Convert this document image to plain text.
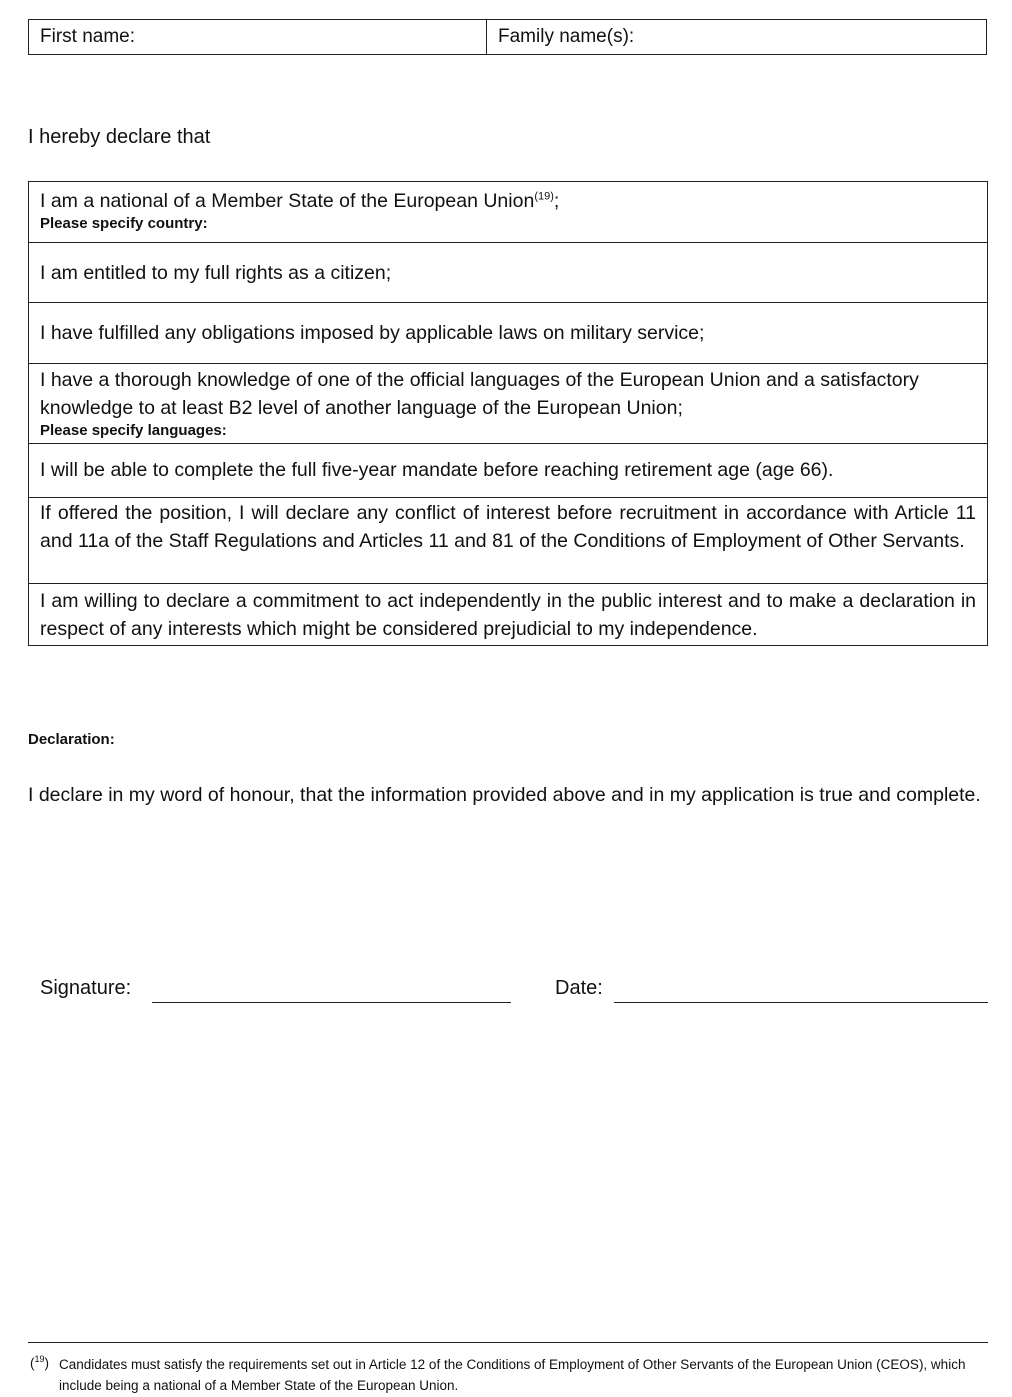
First name:	Family name(s):
I hereby declare that
I am a national of a Member State of the European Union$^{(19)}$;
Please specify country:
I am entitled to my full rights as a citizen;
I have fulfilled any obligations imposed by applicable laws on military service;
I have a thorough knowledge of one of the official languages of the European Union and a satisfactory knowledge to at least B2 level of another language of the European Union;
Please specify languages:
I will be able to complete the full five-year mandate before reaching retirement age (age 66).
If offered the position, I will declare any conflict of interest before recruitment in accordance with Article 11 and 11a of the Staff Regulations and Articles 11 and 81 of the Conditions of Employment of Other Servants.
I am willing to declare a commitment to act independently in the public interest and to make a declaration in respect of any interests which might be considered prejudicial to my independence.
Declaration:
I declare in my word of honour, that the information provided above and in my application is true and complete.
Signature:	Date:
($^{19}$) Candidates must satisfy the requirements set out in Article 12 of the Conditions of Employment of Other Servants of the European Union (CEOS), which include being a national of a Member State of the European Union.
